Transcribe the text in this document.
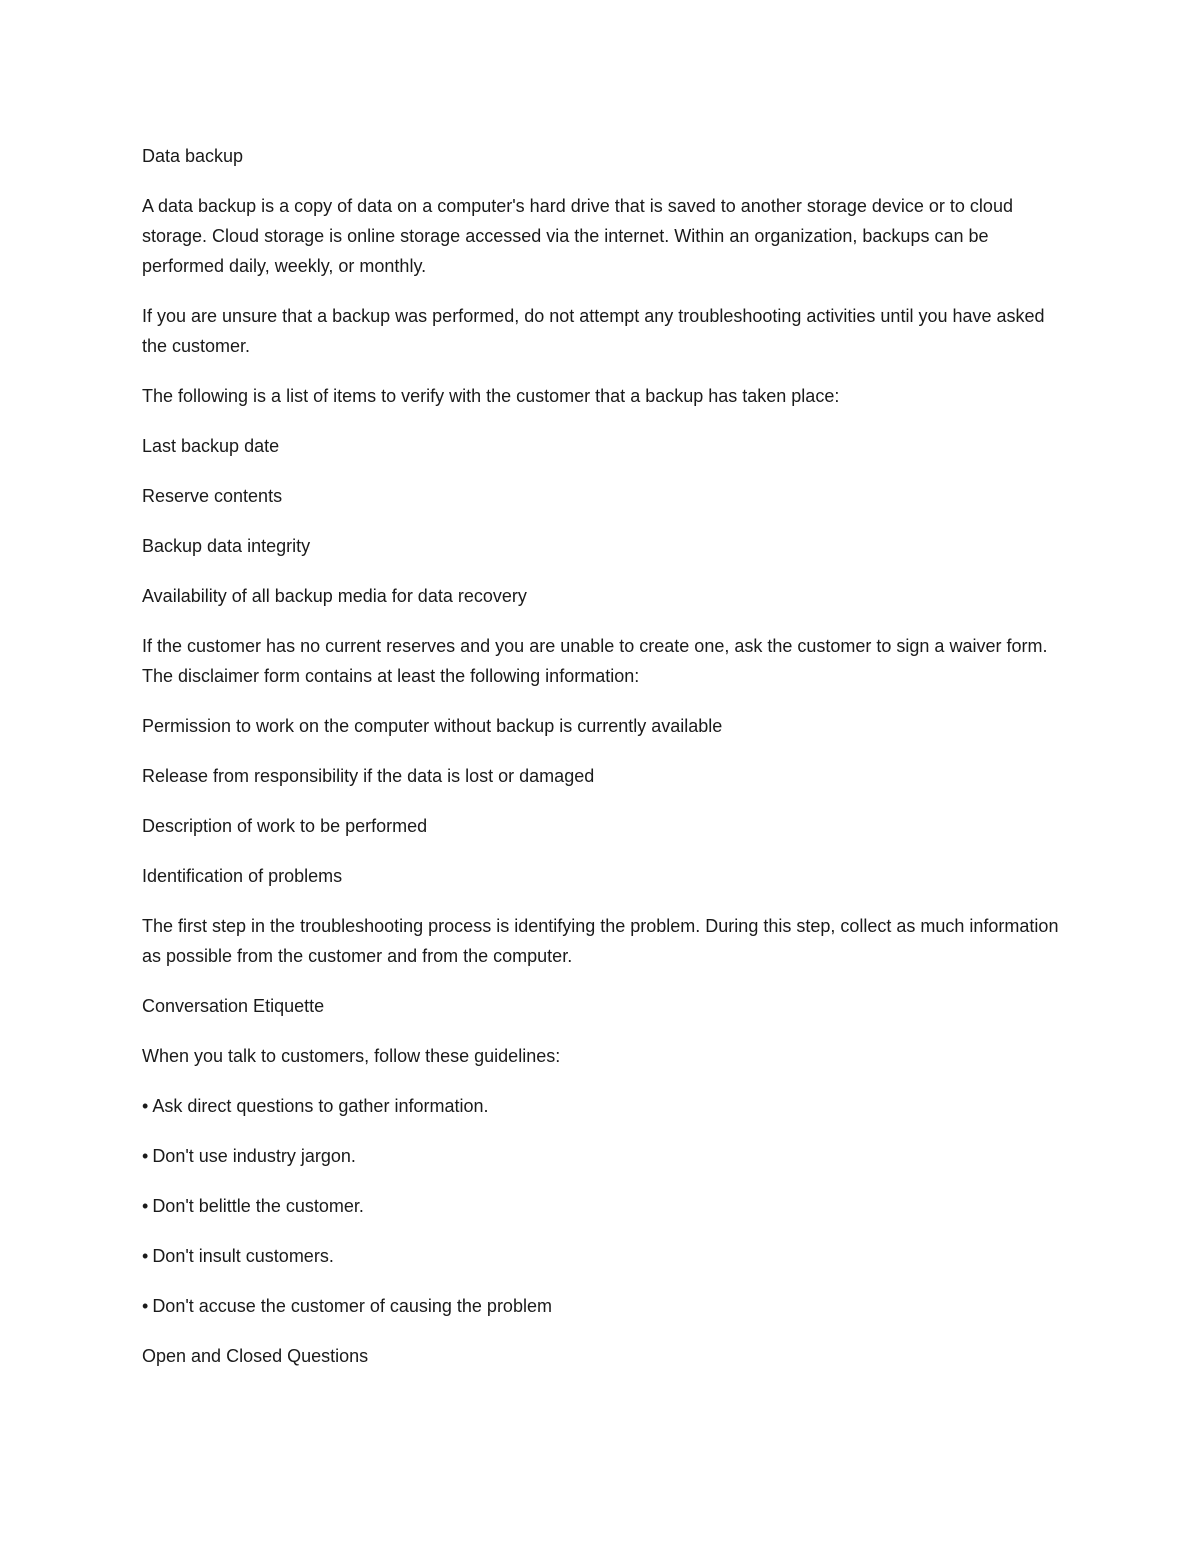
Data backup

A data backup is a copy of data on a computer's hard drive that is saved to another storage device or to cloud storage. Cloud storage is online storage accessed via the internet. Within an organization, backups can be performed daily, weekly, or monthly.

If you are unsure that a backup was performed, do not attempt any troubleshooting activities until you have asked the customer.

The following is a list of items to verify with the customer that a backup has taken place:

Last backup date

Reserve contents

Backup data integrity

Availability of all backup media for data recovery

If the customer has no current reserves and you are unable to create one, ask the customer to sign a waiver form. The disclaimer form contains at least the following information:

Permission to work on the computer without backup is currently available

Release from responsibility if the data is lost or damaged

Description of work to be performed

Identification of problems

The first step in the troubleshooting process is identifying the problem. During this step, collect as much information as possible from the customer and from the computer.

Conversation Etiquette

When you talk to customers, follow these guidelines:

• Ask direct questions to gather information.

• Don't use industry jargon.

• Don't belittle the customer.

• Don't insult customers.

• Don't accuse the customer of causing the problem

Open and Closed Questions
